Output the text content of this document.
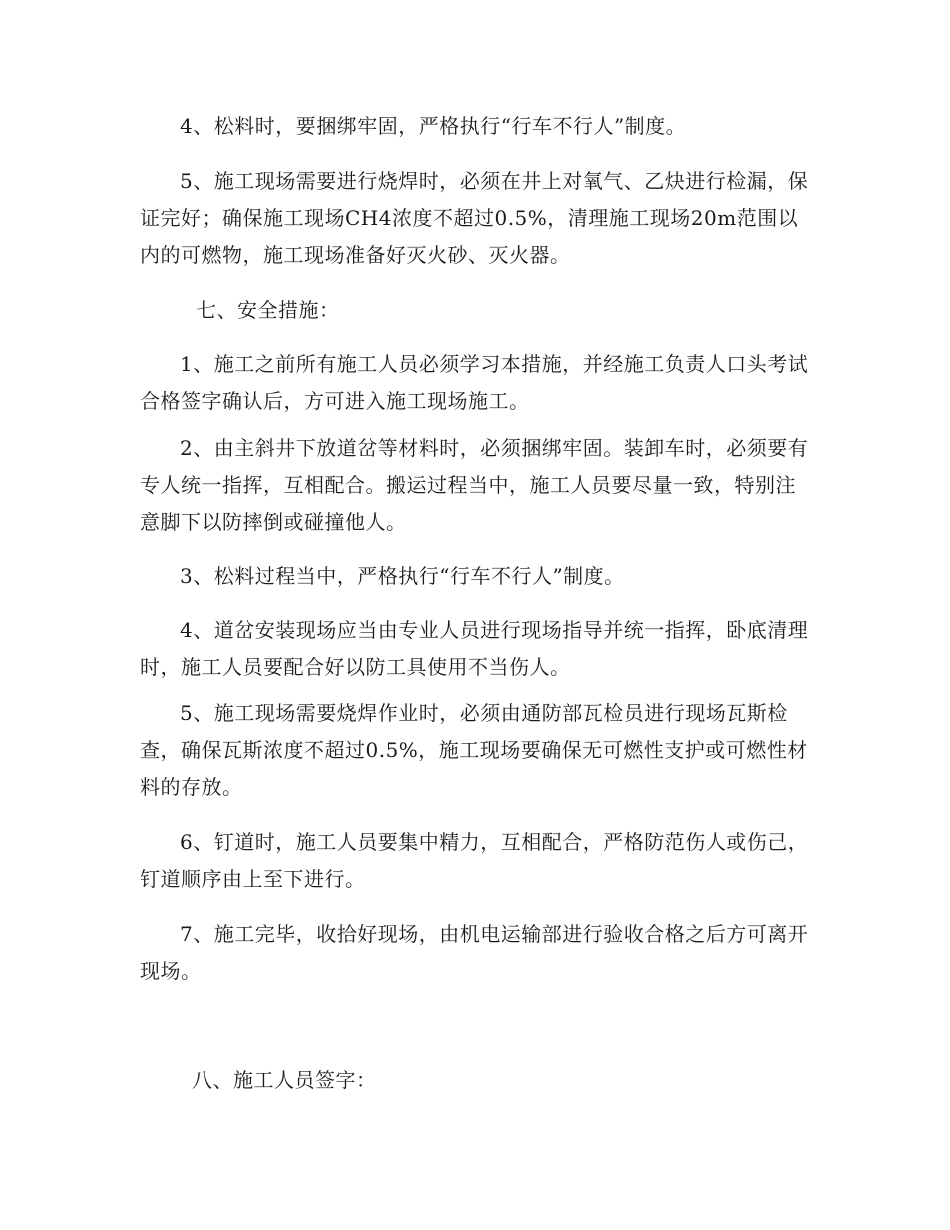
4、松料时，要捆绑牢固，严格执行“行车不行人”制度。

5、施工现场需要进行烧焊时，必须在井上对氧气、乙炔进行检漏，保证完好；确保施工现场CH4浓度不超过0.5%，清理施工现场20m范围以内的可燃物，施工现场准备好灭火砂、灭火器。

七、安全措施：

1、施工之前所有施工人员必须学习本措施，并经施工负责人口头考试合格签字确认后，方可进入施工现场施工。

2、由主斜井下放道岔等材料时，必须捆绑牢固。装卸车时，必须要有专人统一指挥，互相配合。搬运过程当中，施工人员要尽量一致，特别注意脚下以防摔倒或碰撞他人。

3、松料过程当中，严格执行“行车不行人”制度。

4、道岔安装现场应当由专业人员进行现场指导并统一指挥，卧底清理时，施工人员要配合好以防工具使用不当伤人。

5、施工现场需要烧焊作业时，必须由通防部瓦检员进行现场瓦斯检查，确保瓦斯浓度不超过0.5%，施工现场要确保无可燃性支护或可燃性材料的存放。

6、钉道时，施工人员要集中精力，互相配合，严格防范伤人或伤己，钉道顺序由上至下进行。

7、施工完毕，收拾好现场，由机电运输部进行验收合格之后方可离开现场。

八、施工人员签字：
